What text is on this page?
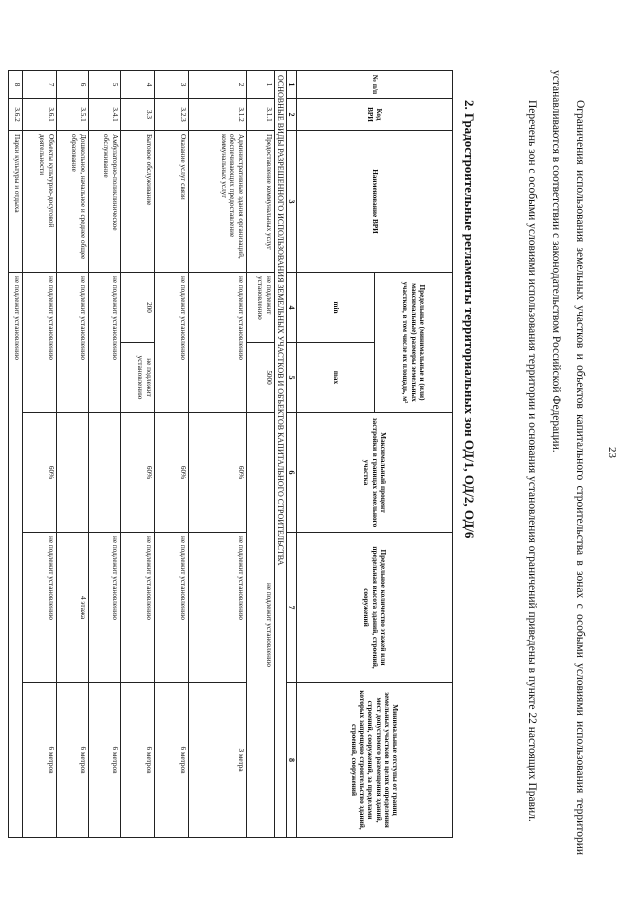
23
Ограничения использования земельных участков и объектов капитального строительства в зонах с особыми условиями использования территории устанавливаются в соответствии с законодательством Российской Федерации.
Перечень зон с особыми условиями использования территории и основания установления ограничений приведены в пункте 22 настоящих Правил.
2. Градостроительные регламенты территориальных зон ОД/1, ОД/2, ОД/6
№ п/п	Код ВРИ	Наименование ВРИ	Предельные (минимальные и (или) максимальные) размеры земельных участков, в том числе их площадь, м²		Максимальный процент застройки в границах земельного участка	Предельное количество этажей или предельная высота зданий, строений, сооружений	Минимальные отступы от границ земельных участков в целях определения мест допустимого размещения зданий, строений, сооружений, за пределами которых запрещено строительство зданий, строений, сооружений
			min	max			
1	2	3	4	5	6	7	8
ОСНОВНЫЕ ВИДЫ РАЗРЕШЕННОГО ИСПОЛЬЗОВАНИЯ ЗЕМЕЛЬНЫХ УЧАСТКОВ И ОБЪЕКТОВ КАПИТАЛЬНОГО СТРОИТЕЛЬСТВА							
1	3.1.1	Предоставление коммунальных услуг	не подлежит установлению	5000	не подлежит установлению		
2	3.1.2	Административные здания организаций, обеспечивающих предоставление коммунальных услуг	не подлежит установлению		60%	не подлежит установлению	3 метра
3	3.2.3	Оказание услуг связи	не подлежит установлению		60%	не подлежит установлению	6 метров
4	3.3	Бытовое обслуживание	200	не подлежит установлению	60%	не подлежит установлению	6 метров
5	3.4.1	Амбулаторно-поликлиническое обслуживание	не подлежит установлению			не подлежит установлению	6 метров
6	3.5.1	Дошкольное, начальное и среднее общее образование	не подлежит установлению			4 этажа	6 метров
7	3.6.1	Объекты культурно-досуговой деятельности	не подлежит установлению		60%	не подлежит установлению	6 метров
8	3.6.2	Парки культуры и отдыха	не подлежит установлению				
